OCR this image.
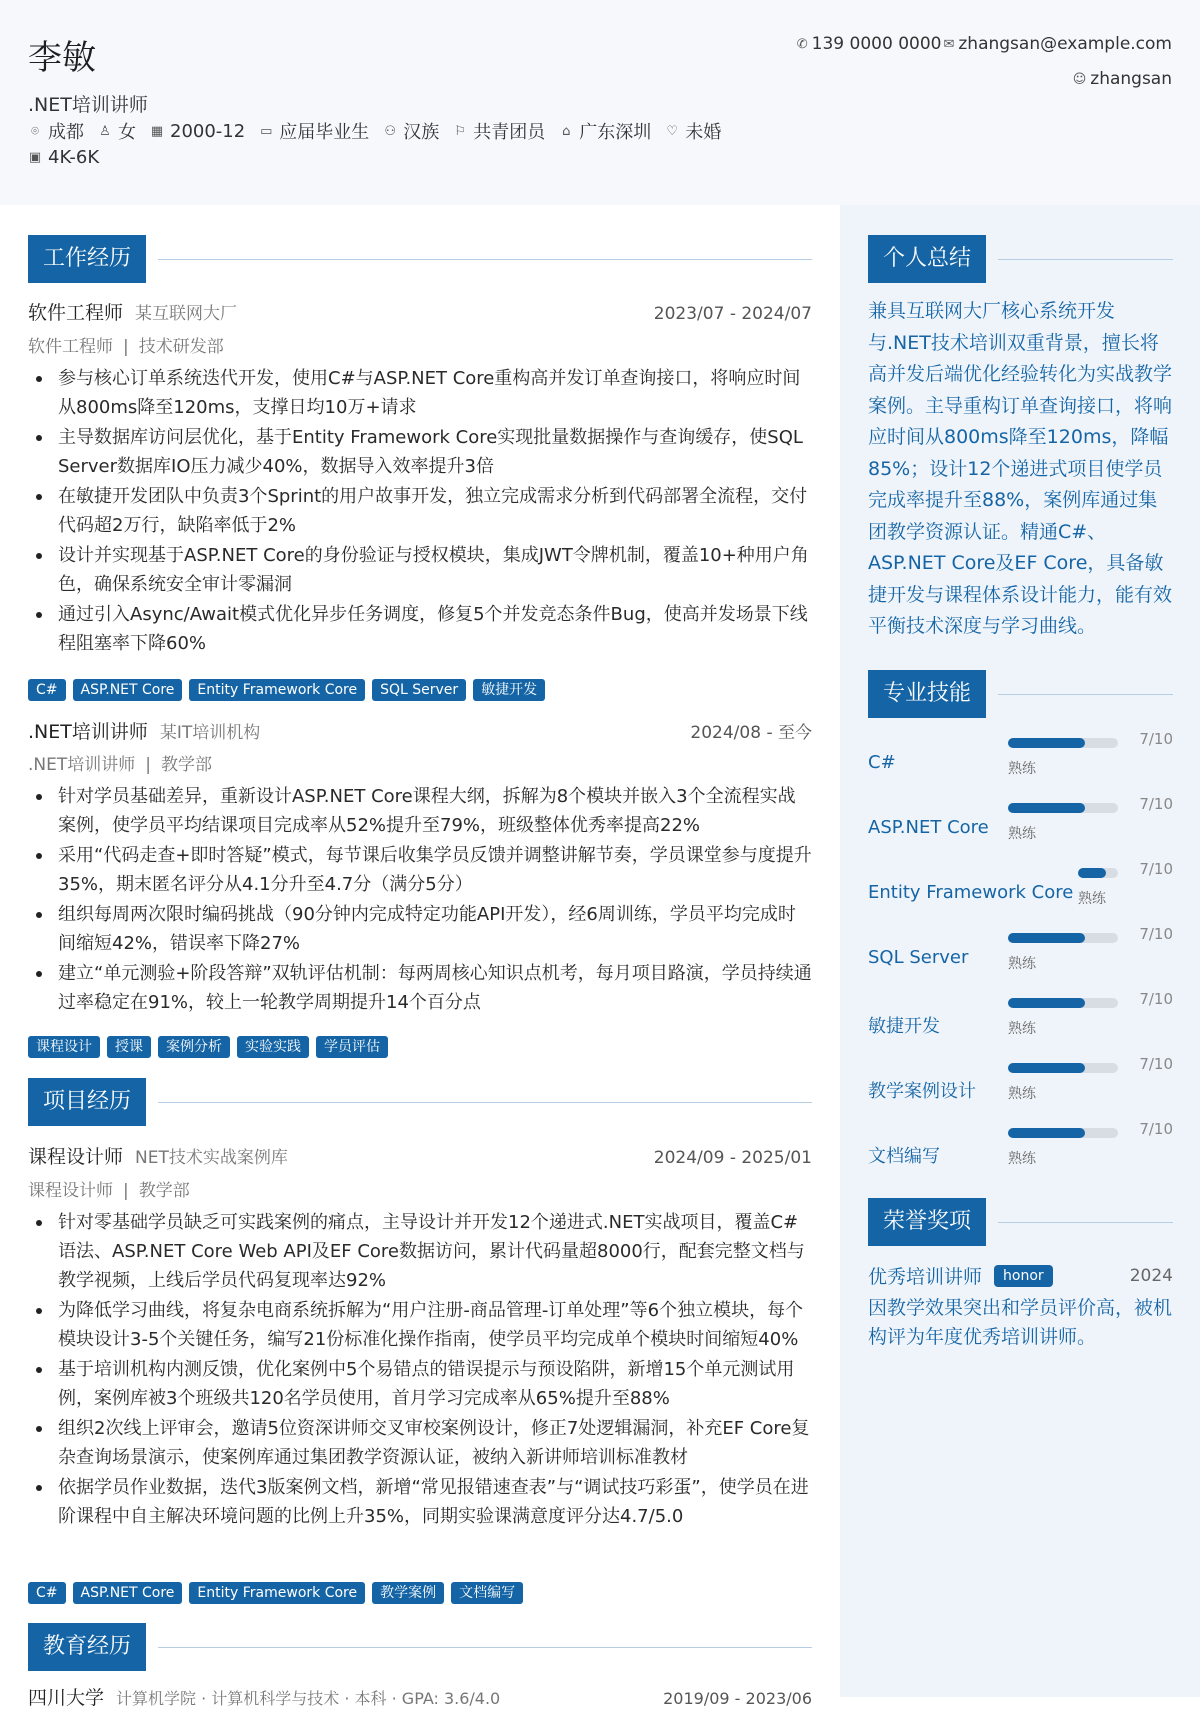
李敏
.NET培训讲师
⌾ 成都 ♙ 女 ▦ 2000-12 ▭ 应届毕业生 ⚇ 汉族 ⚐ 共青团员 ⌂ 广东深圳 ♡ 未婚
▣ 4K-6K
✆ 139 0000 0000 ✉ zhangsan@example.com
☺ zhangsan
工作经历
软件工程师 某互联网大厂	2023/07 - 2024/07
软件工程师 | 技术研发部
参与核心订单系统迭代开发，使用C#与ASP.NET Core重构高并发订单查询接口，将响应时间从800ms降至120ms，支撑日均10万+请求
主导数据库访问层优化，基于Entity Framework Core实现批量数据操作与查询缓存，使SQL Server数据库IO压力减少40%，数据导入效率提升3倍
在敏捷开发团队中负责3个Sprint的用户故事开发，独立完成需求分析到代码部署全流程，交付代码超2万行，缺陷率低于2%
设计并实现基于ASP.NET Core的身份验证与授权模块，集成JWT令牌机制，覆盖10+种用户角色，确保系统安全审计零漏洞
通过引入Async/Await模式优化异步任务调度，修复5个并发竞态条件Bug，使高并发场景下线程阻塞率下降60%
C#	ASP.NET Core	Entity Framework Core	SQL Server	敏捷开发
.NET培训讲师 某IT培训机构	2024/08 - 至今
.NET培训讲师 | 教学部
针对学员基础差异，重新设计ASP.NET Core课程大纲，拆解为8个模块并嵌入3个全流程实战案例，使学员平均结课项目完成率从52%提升至79%，班级整体优秀率提高22%
采用“代码走查+即时答疑”模式，每节课后收集学员反馈并调整讲解节奏，学员课堂参与度提升35%，期末匿名评分从4.1分升至4.7分（满分5分）
组织每周两次限时编码挑战（90分钟内完成特定功能API开发），经6周训练，学员平均完成时间缩短42%，错误率下降27%
建立“单元测验+阶段答辩”双轨评估机制：每两周核心知识点机考，每月项目路演，学员持续通过率稳定在91%，较上一轮教学周期提升14个百分点
课程设计	授课	案例分析	实验实践	学员评估
项目经历
课程设计师 NET技术实战案例库	2024/09 - 2025/01
课程设计师 | 教学部
针对零基础学员缺乏可实践案例的痛点，主导设计并开发12个递进式.NET实战项目，覆盖C#语法、ASP.NET Core Web API及EF Core数据访问，累计代码量超8000行，配套完整文档与教学视频，上线后学员代码复现率达92%
为降低学习曲线，将复杂电商系统拆解为“用户注册-商品管理-订单处理”等6个独立模块，每个模块设计3-5个关键任务，编写21份标准化操作指南，使学员平均完成单个模块时间缩短40%
基于培训机构内测反馈，优化案例中5个易错点的错误提示与预设陷阱，新增15个单元测试用例，案例库被3个班级共120名学员使用，首月学习完成率从65%提升至88%
组织2次线上评审会，邀请5位资深讲师交叉审校案例设计，修正7处逻辑漏洞，补充EF Core复杂查询场景演示，使案例库通过集团教学资源认证，被纳入新讲师培训标准教材
依据学员作业数据，迭代3版案例文档，新增“常见报错速查表”与“调试技巧彩蛋”，使学员在进阶课程中自主解决环境问题的比例上升35%，同期实验课满意度评分达4.7/5.0
C#	ASP.NET Core	Entity Framework Core	教学案例	文档编写
教育经历
四川大学 计算机学院 · 计算机科学与技术 · 本科 · GPA: 3.6/4.0	2019/09 - 2023/06
个人总结
兼具互联网大厂核心系统开发与.NET技术培训双重背景，擅长将高并发后端优化经验转化为实战教学案例。主导重构订单查询接口，将响应时间从800ms降至120ms，降幅85%；设计12个递进式项目使学员完成率提升至88%，案例库通过集团教学资源认证。精通C#、ASP.NET Core及EF Core，具备敏捷开发与课程体系设计能力，能有效平衡技术深度与学习曲线。
专业技能
C#	熟练
7/10
ASP.NET Core 熟练
7/10
Entity Framework Core 熟练
7/10
SQL Server	熟练
7/10
敏捷开发	熟练
7/10
教学案例设计 熟练
7/10
文档编写	熟练
7/10
荣誉奖项
优秀培训讲师	honor	2024
因教学效果突出和学员评价高，被机构评为年度优秀培训讲师。
